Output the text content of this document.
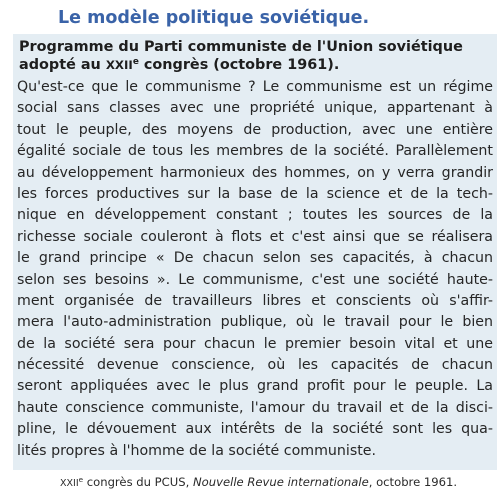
Le modèle politique soviétique.
Programme du Parti communiste de l'Union soviétique
adopté au XXIIe congrès (octobre 1961).
Qu'est-ce que le communisme ? Le communisme est un régime
social sans classes avec une propriété unique, appartenant à
tout le peuple, des moyens de production, avec une entière
égalité sociale de tous les membres de la société. Parallèlement
au développement harmonieux des hommes, on y verra grandir
les forces productives sur la base de la science et de la tech-
nique en développement constant ; toutes les sources de la
richesse sociale couleront à flots et c'est ainsi que se réalisera
le grand principe « De chacun selon ses capacités, à chacun
selon ses besoins ». Le communisme, c'est une société haute-
ment organisée de travailleurs libres et conscients où s'affir-
mera l'auto-administration publique, où le travail pour le bien
de la société sera pour chacun le premier besoin vital et une
nécessité devenue conscience, où les capacités de chacun
seront appliquées avec le plus grand profit pour le peuple. La
haute conscience communiste, l'amour du travail et de la disci-
pline, le dévouement aux intérêts de la société sont les qua-
lités propres à l'homme de la société communiste.
XXIIe congrès du PCUS, Nouvelle Revue internationale, octobre 1961.
